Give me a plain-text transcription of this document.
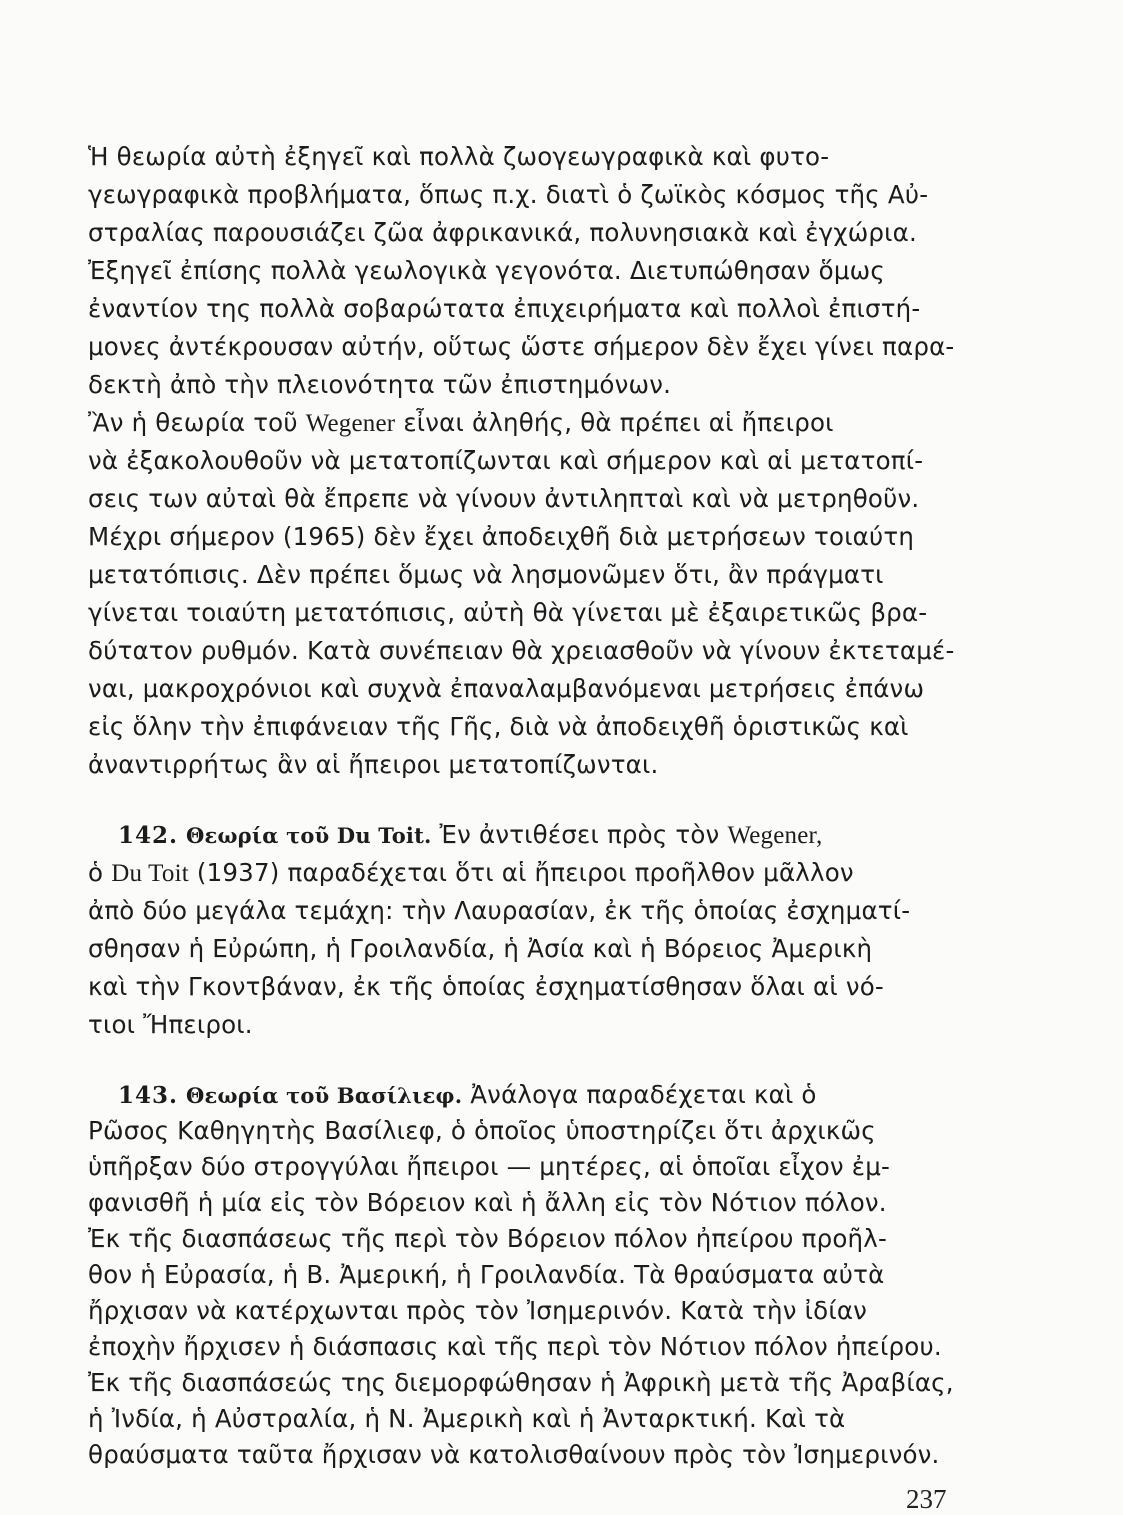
Ἡ θεωρία αὐτὴ ἐξηγεῖ καὶ πολλὰ ζωογεωγραφικὰ καὶ φυτο-
γεωγραφικὰ προβλήματα, ὅπως π.χ. διατὶ ὁ ζωϊκὸς κόσμος τῆς Αὐ-
στραλίας παρουσιάζει ζῶα ἀφρικανικά, πολυνησιακὰ καὶ ἐγχώρια.
Ἐξηγεῖ ἐπίσης πολλὰ γεωλογικὰ γεγονότα. Διετυπώθησαν ὅμως
ἐναντίον της πολλὰ σοβαρώτατα ἐπιχειρήματα καὶ πολλοὶ ἐπιστή-
μονες ἀντέκρουσαν αὐτήν, οὕτως ὥστε σήμερον δὲν ἔχει γίνει παρα-
δεκτὴ ἀπὸ τὴν πλειονότητα τῶν ἐπιστημόνων.
Ἂν ἡ θεωρία τοῦ Wegener εἶναι ἀληθής, θὰ πρέπει αἱ ἤπειροι
νὰ ἐξακολουθοῦν νὰ μετατοπίζωνται καὶ σήμερον καὶ αἱ μετατοπί-
σεις των αὐταὶ θὰ ἔπρεπε νὰ γίνουν ἀντιληπταὶ καὶ νὰ μετρηθοῦν.
Μέχρι σήμερον (1965) δὲν ἔχει ἀποδειχθῆ διὰ μετρήσεων τοιαύτη
μετατόπισις. Δὲν πρέπει ὅμως νὰ λησμονῶμεν ὅτι, ἂν πράγματι
γίνεται τοιαύτη μετατόπισις, αὐτὴ θὰ γίνεται μὲ ἐξαιρετικῶς βρα-
δύτατον ρυθμόν. Κατὰ συνέπειαν θὰ χρειασθοῦν νὰ γίνουν ἐκτεταμέ-
ναι, μακροχρόνιοι καὶ συχνὰ ἐπαναλαμβανόμεναι μετρήσεις ἐπάνω
εἰς ὅλην τὴν ἐπιφάνειαν τῆς Γῆς, διὰ νὰ ἀποδειχθῆ ὁριστικῶς καὶ
ἀναντιρρήτως ἂν αἱ ἤπειροι μετατοπίζωνται.
142. Θεωρία τοῦ Du Toit. Ἐν ἀντιθέσει πρὸς τὸν Wegener,
ὁ Du Toit (1937) παραδέχεται ὅτι αἱ ἤπειροι προῆλθον μᾶλλον
ἀπὸ δύο μεγάλα τεμάχη: τὴν Λαυρασίαν, ἐκ τῆς ὁποίας ἐσχηματί-
σθησαν ἡ Εὐρώπη, ἡ Γροιλανδία, ἡ Ἀσία καὶ ἡ Βόρειος Ἀμερικὴ
καὶ τὴν Γκοντβάναν, ἐκ τῆς ὁποίας ἐσχηματίσθησαν ὅλαι αἱ νό-
τιοι Ἤπειροι.
143. Θεωρία τοῦ Βασίλιεφ. Ἀνάλογα παραδέχεται καὶ ὁ
Ρῶσος Καθηγητὴς Βασίλιεφ, ὁ ὁποῖος ὑποστηρίζει ὅτι ἀρχικῶς
ὑπῆρξαν δύο στρογγύλαι ἤπειροι — μητέρες, αἱ ὁποῖαι εἶχον ἐμ-
φανισθῆ ἡ μία εἰς τὸν Βόρειον καὶ ἡ ἄλλη εἰς τὸν Νότιον πόλον.
Ἐκ τῆς διασπάσεως τῆς περὶ τὸν Βόρειον πόλον ἠπείρου προῆλ-
θον ἡ Εὐρασία, ἡ Β. Ἀμερική, ἡ Γροιλανδία. Τὰ θραύσματα αὐτὰ
ἤρχισαν νὰ κατέρχωνται πρὸς τὸν Ἰσημερινόν. Κατὰ τὴν ἰδίαν
ἐποχὴν ἤρχισεν ἡ διάσπασις καὶ τῆς περὶ τὸν Νότιον πόλον ἠπείρου.
Ἐκ τῆς διασπάσεώς της διεμορφώθησαν ἡ Ἀφρικὴ μετὰ τῆς Ἀραβίας,
ἡ Ἰνδία, ἡ Αὐστραλία, ἡ Ν. Ἀμερικὴ καὶ ἡ Ἀνταρκτική. Καὶ τὰ
θραύσματα ταῦτα ἤρχισαν νὰ κατολισθαίνουν πρὸς τὸν Ἰσημερινόν.
237
